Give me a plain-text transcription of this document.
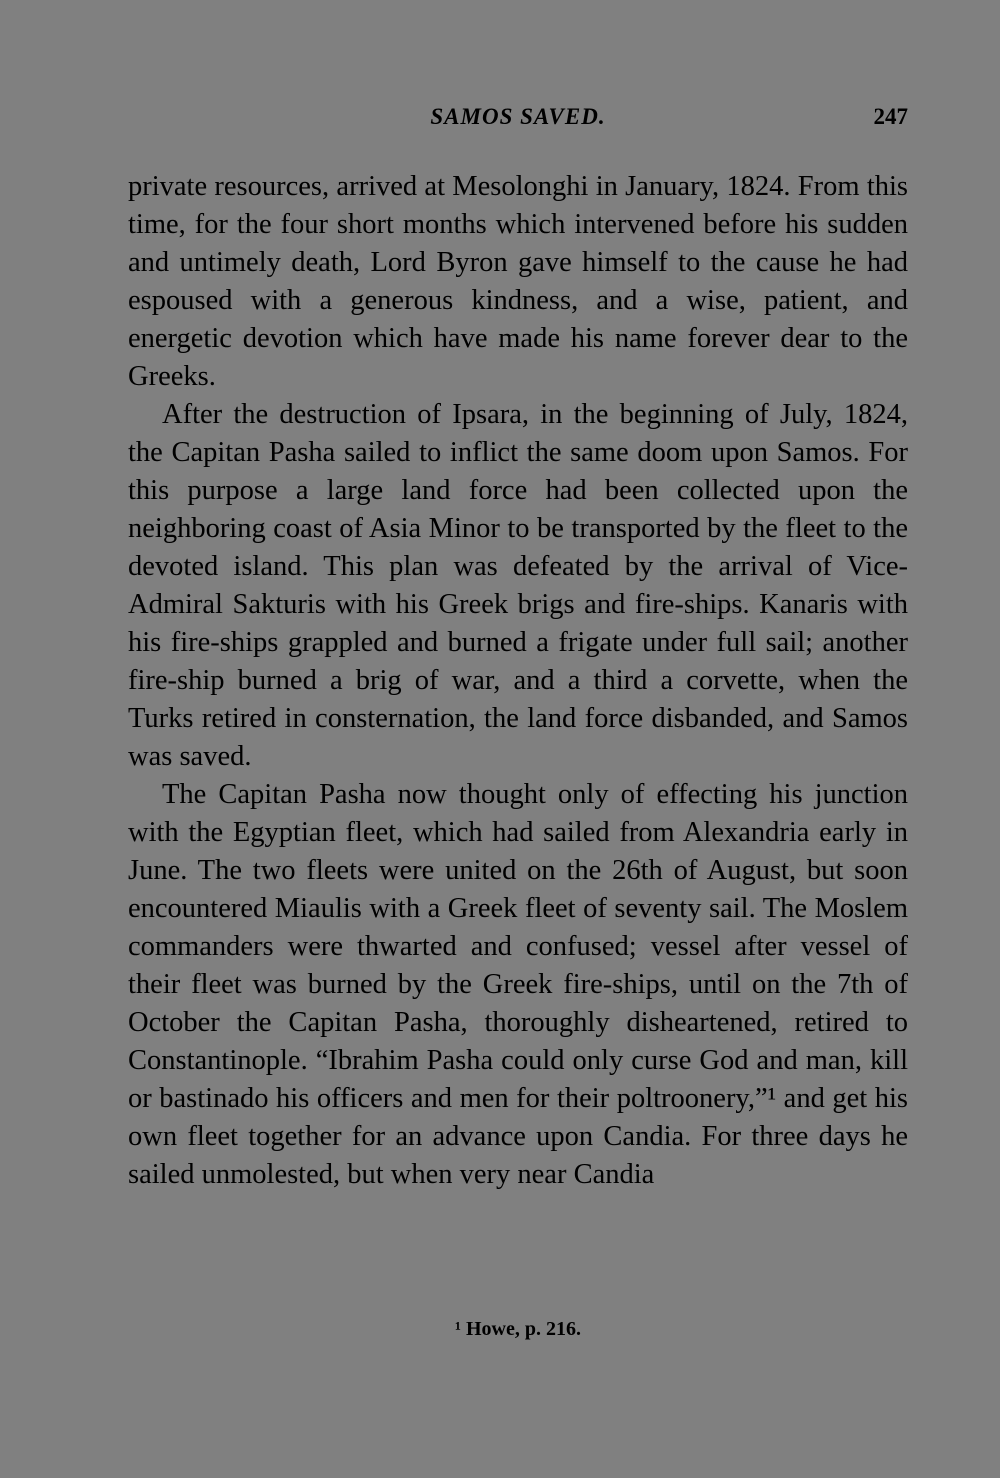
SAMOS SAVED.	247

private resources, arrived at Mesolonghi in January, 1824. From this time, for the four short months which intervened before his sudden and untimely death, Lord Byron gave himself to the cause he had espoused with a generous kindness, and a wise, patient, and energetic devotion which have made his name forever dear to the Greeks.

After the destruction of Ipsara, in the beginning of July, 1824, the Capitan Pasha sailed to inflict the same doom upon Samos. For this purpose a large land force had been collected upon the neighboring coast of Asia Minor to be transported by the fleet to the devoted island. This plan was defeated by the arrival of Vice-Admiral Sakturis with his Greek brigs and fire-ships. Kanaris with his fire-ships grappled and burned a frigate under full sail; another fire-ship burned a brig of war, and a third a corvette, when the Turks retired in consternation, the land force disbanded, and Samos was saved.

The Capitan Pasha now thought only of effecting his junction with the Egyptian fleet, which had sailed from Alexandria early in June. The two fleets were united on the 26th of August, but soon encountered Miaulis with a Greek fleet of seventy sail. The Moslem commanders were thwarted and confused; vessel after vessel of their fleet was burned by the Greek fire-ships, until on the 7th of October the Capitan Pasha, thoroughly disheartened, retired to Constantinople. “Ibrahim Pasha could only curse God and man, kill or bastinado his officers and men for their poltroonery,”¹ and get his own fleet together for an advance upon Candia. For three days he sailed unmolested, but when very near Candia

¹ Howe, p. 216.
